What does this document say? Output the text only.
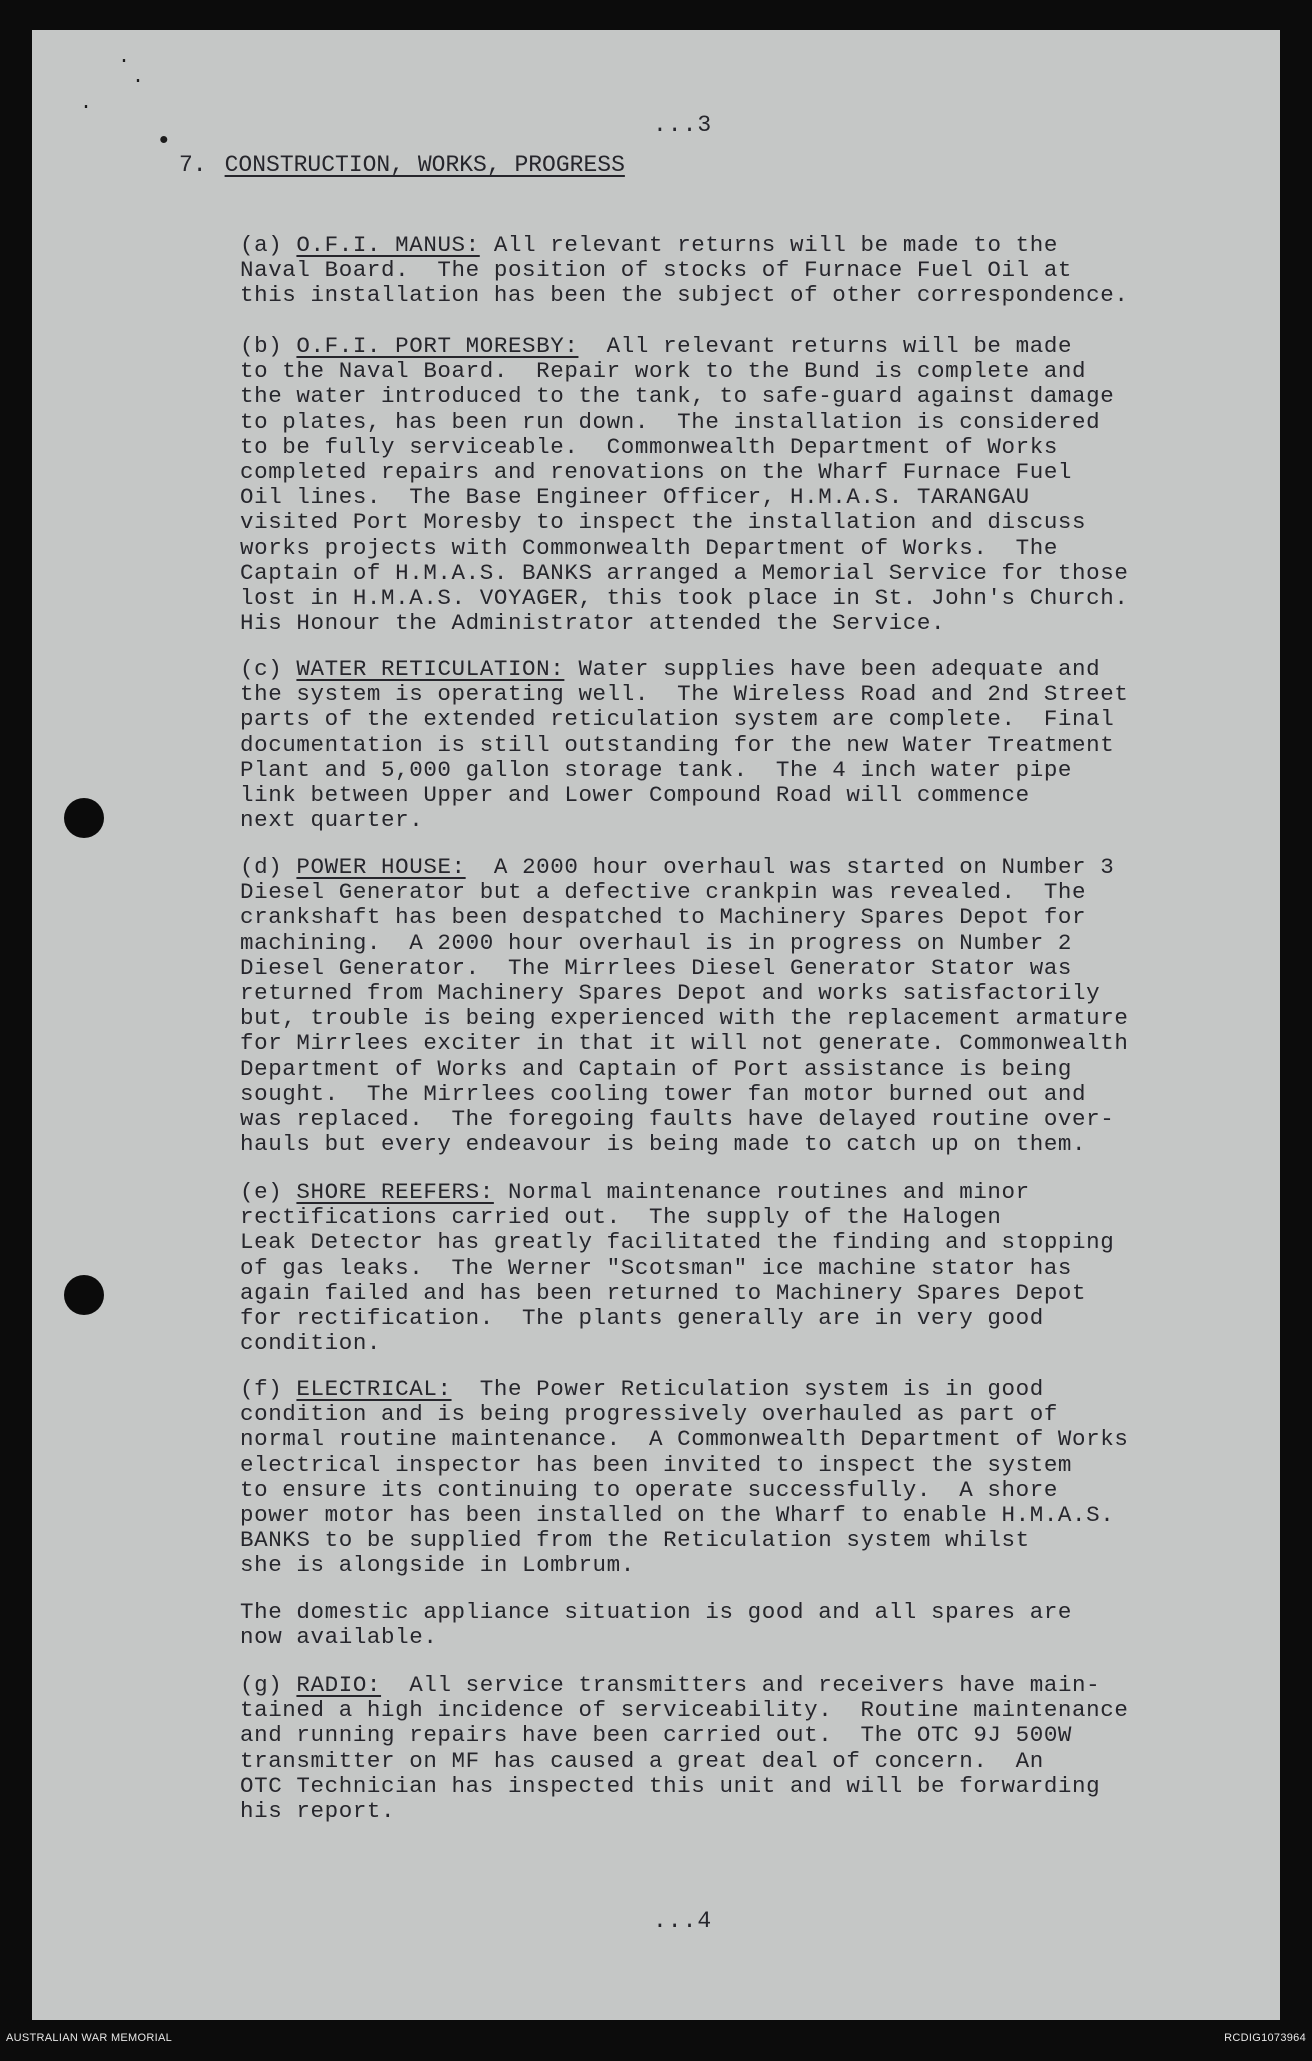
·
·
·
•
...3
7. CONSTRUCTION, WORKS, PROGRESS
(a) O.F.I. MANUS: All relevant returns will be made to the
Naval Board.  The position of stocks of Furnace Fuel Oil at
this installation has been the subject of other correspondence.
(b) O.F.I. PORT MORESBY:  All relevant returns will be made
to the Naval Board.  Repair work to the Bund is complete and
the water introduced to the tank, to safe-guard against damage
to plates, has been run down.  The installation is considered
to be fully serviceable.  Commonwealth Department of Works
completed repairs and renovations on the Wharf Furnace Fuel
Oil lines.  The Base Engineer Officer, H.M.A.S. TARANGAU
visited Port Moresby to inspect the installation and discuss
works projects with Commonwealth Department of Works.  The
Captain of H.M.A.S. BANKS arranged a Memorial Service for those
lost in H.M.A.S. VOYAGER, this took place in St. John's Church.
His Honour the Administrator attended the Service.
(c) WATER RETICULATION: Water supplies have been adequate and
the system is operating well.  The Wireless Road and 2nd Street
parts of the extended reticulation system are complete.  Final
documentation is still outstanding for the new Water Treatment
Plant and 5,000 gallon storage tank.  The 4 inch water pipe
link between Upper and Lower Compound Road will commence
next quarter.
(d) POWER HOUSE:  A 2000 hour overhaul was started on Number 3
Diesel Generator but a defective crankpin was revealed.  The
crankshaft has been despatched to Machinery Spares Depot for
machining.  A 2000 hour overhaul is in progress on Number 2
Diesel Generator.  The Mirrlees Diesel Generator Stator was
returned from Machinery Spares Depot and works satisfactorily
but, trouble is being experienced with the replacement armature
for Mirrlees exciter in that it will not generate. Commonwealth
Department of Works and Captain of Port assistance is being
sought.  The Mirrlees cooling tower fan motor burned out and
was replaced.  The foregoing faults have delayed routine over-
hauls but every endeavour is being made to catch up on them.
(e) SHORE REEFERS: Normal maintenance routines and minor
rectifications carried out.  The supply of the Halogen
Leak Detector has greatly facilitated the finding and stopping
of gas leaks.  The Werner "Scotsman" ice machine stator has
again failed and has been returned to Machinery Spares Depot
for rectification.  The plants generally are in very good
condition.
(f) ELECTRICAL:  The Power Reticulation system is in good
condition and is being progressively overhauled as part of
normal routine maintenance.  A Commonwealth Department of Works
electrical inspector has been invited to inspect the system
to ensure its continuing to operate successfully.  A shore
power motor has been installed on the Wharf to enable H.M.A.S.
BANKS to be supplied from the Reticulation system whilst
she is alongside in Lombrum.
The domestic appliance situation is good and all spares are
now available.
(g) RADIO:  All service transmitters and receivers have main-
tained a high incidence of serviceability.  Routine maintenance
and running repairs have been carried out.  The OTC 9J 500W
transmitter on MF has caused a great deal of concern.  An
OTC Technician has inspected this unit and will be forwarding
his report.
...4
AUSTRALIAN WAR MEMORIAL	RCDIG1073964
